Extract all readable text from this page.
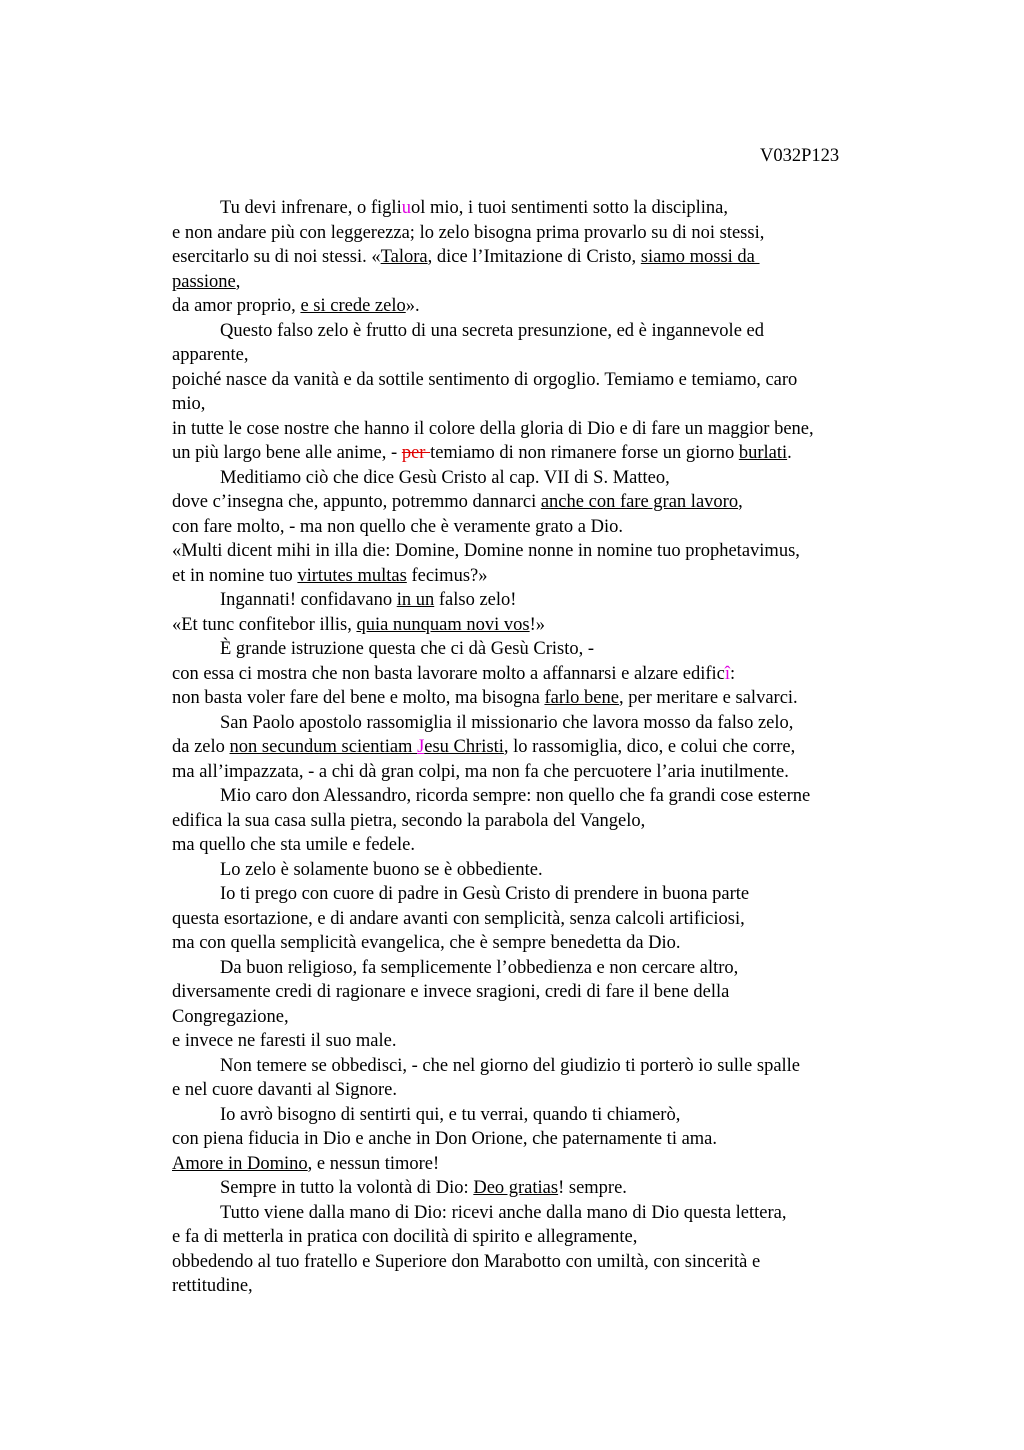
V032P123
Tu devi infrenare, o figliuol mio, i tuoi sentimenti sotto la disciplina,
e non andare più con leggerezza; lo zelo bisogna prima provarlo su di noi stessi,
esercitarlo su di noi stessi. «Talora, dice l’Imitazione di Cristo, siamo mossi da
passione,
da amor proprio, e si crede zelo».
Questo falso zelo è frutto di una secreta presunzione, ed è ingannevole ed
apparente,
poiché nasce da vanità e da sottile sentimento di orgoglio. Temiamo e temiamo, caro
mio,
in tutte le cose nostre che hanno il colore della gloria di Dio e di fare un maggior bene,
un più largo bene alle anime, - per temiamo di non rimanere forse un giorno burlati.
Meditiamo ciò che dice Gesù Cristo al cap. VII di S. Matteo,
dove c’insegna che, appunto, potremmo dannarci anche con fare gran lavoro,
con fare molto, - ma non quello che è veramente grato a Dio.
«Multi dicent mihi in illa die: Domine, Domine nonne in nomine tuo prophetavimus,
et in nomine tuo virtutes multas fecimus?»
Ingannati! confidavano in un falso zelo!
«Et tunc confitebor illis, quia nunquam novi vos!»
È grande istruzione questa che ci dà Gesù Cristo, -
con essa ci mostra che non basta lavorare molto a affannarsi e alzare edificî:
non basta voler fare del bene e molto, ma bisogna farlo bene, per meritare e salvarci.
San Paolo apostolo rassomiglia il missionario che lavora mosso da falso zelo,
da zelo non secundum scientiam Jesu Christi, lo rassomiglia, dico, e colui che corre,
ma all’impazzata, - a chi dà gran colpi, ma non fa che percuotere l’aria inutilmente.
Mio caro don Alessandro, ricorda sempre: non quello che fa grandi cose esterne
edifica la sua casa sulla pietra, secondo la parabola del Vangelo,
ma quello che sta umile e fedele.
Lo zelo è solamente buono se è obbediente.
Io ti prego con cuore di padre in Gesù Cristo di prendere in buona parte
questa esortazione, e di andare avanti con semplicità, senza calcoli artificiosi,
ma con quella semplicità evangelica, che è sempre benedetta da Dio.
Da buon religioso, fa semplicemente l’obbedienza e non cercare altro,
diversamente credi di ragionare e invece sragioni, credi di fare il bene della
Congregazione,
e invece ne faresti il suo male.
Non temere se obbedisci, - che nel giorno del giudizio ti porterò io sulle spalle
e nel cuore davanti al Signore.
Io avrò bisogno di sentirti qui, e tu verrai, quando ti chiamerò,
con piena fiducia in Dio e anche in Don Orione, che paternamente ti ama.
Amore in Domino, e nessun timore!
Sempre in tutto la volontà di Dio: Deo gratias! sempre.
Tutto viene dalla mano di Dio: ricevi anche dalla mano di Dio questa lettera,
e fa di metterla in pratica con docilità di spirito e allegramente,
obbedendo al tuo fratello e Superiore don Marabotto con umiltà, con sincerità e
rettitudine,
